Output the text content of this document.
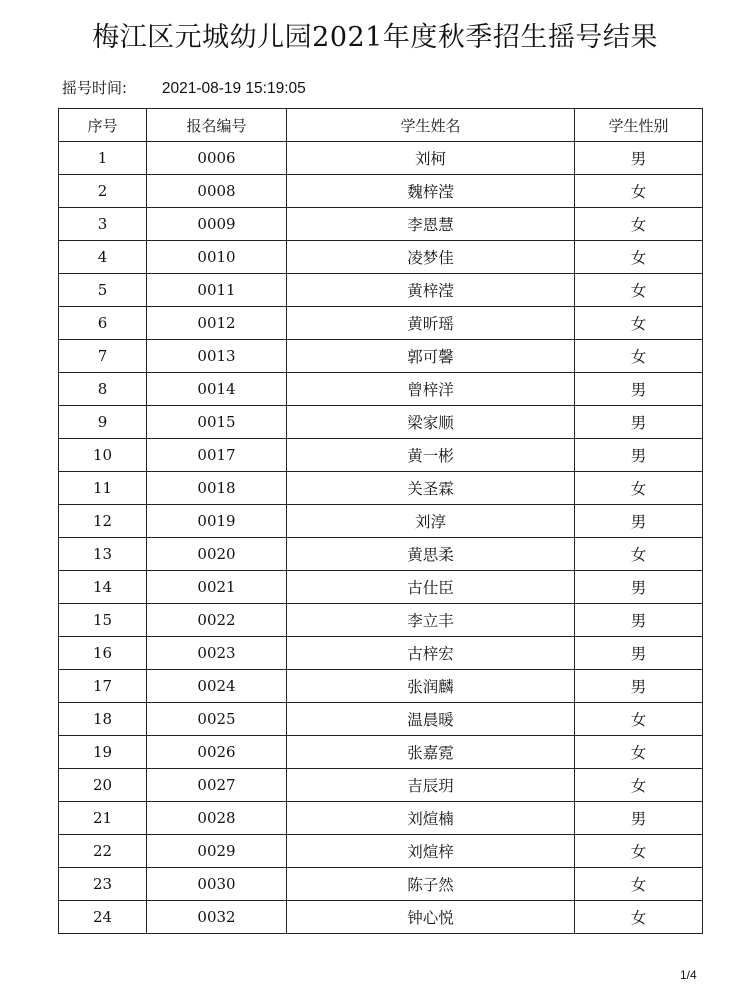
梅江区元城幼儿园2021年度秋季招生摇号结果
摇号时间: 2021-08-19 15:19:05
序号	报名编号	学生姓名	学生性别
1	0006	刘柯	男
2	0008	魏梓滢	女
3	0009	李恩慧	女
4	0010	凌梦佳	女
5	0011	黄梓滢	女
6	0012	黄昕瑶	女
7	0013	郭可馨	女
8	0014	曾梓洋	男
9	0015	梁家顺	男
10	0017	黄一彬	男
11	0018	关圣霖	女
12	0019	刘淳	男
13	0020	黄思柔	女
14	0021	古仕臣	男
15	0022	李立丰	男
16	0023	古梓宏	男
17	0024	张润麟	男
18	0025	温晨暖	女
19	0026	张嘉霓	女
20	0027	吉辰玥	女
21	0028	刘煊楠	男
22	0029	刘煊梓	女
23	0030	陈子然	女
24	0032	钟心悦	女
1/4
